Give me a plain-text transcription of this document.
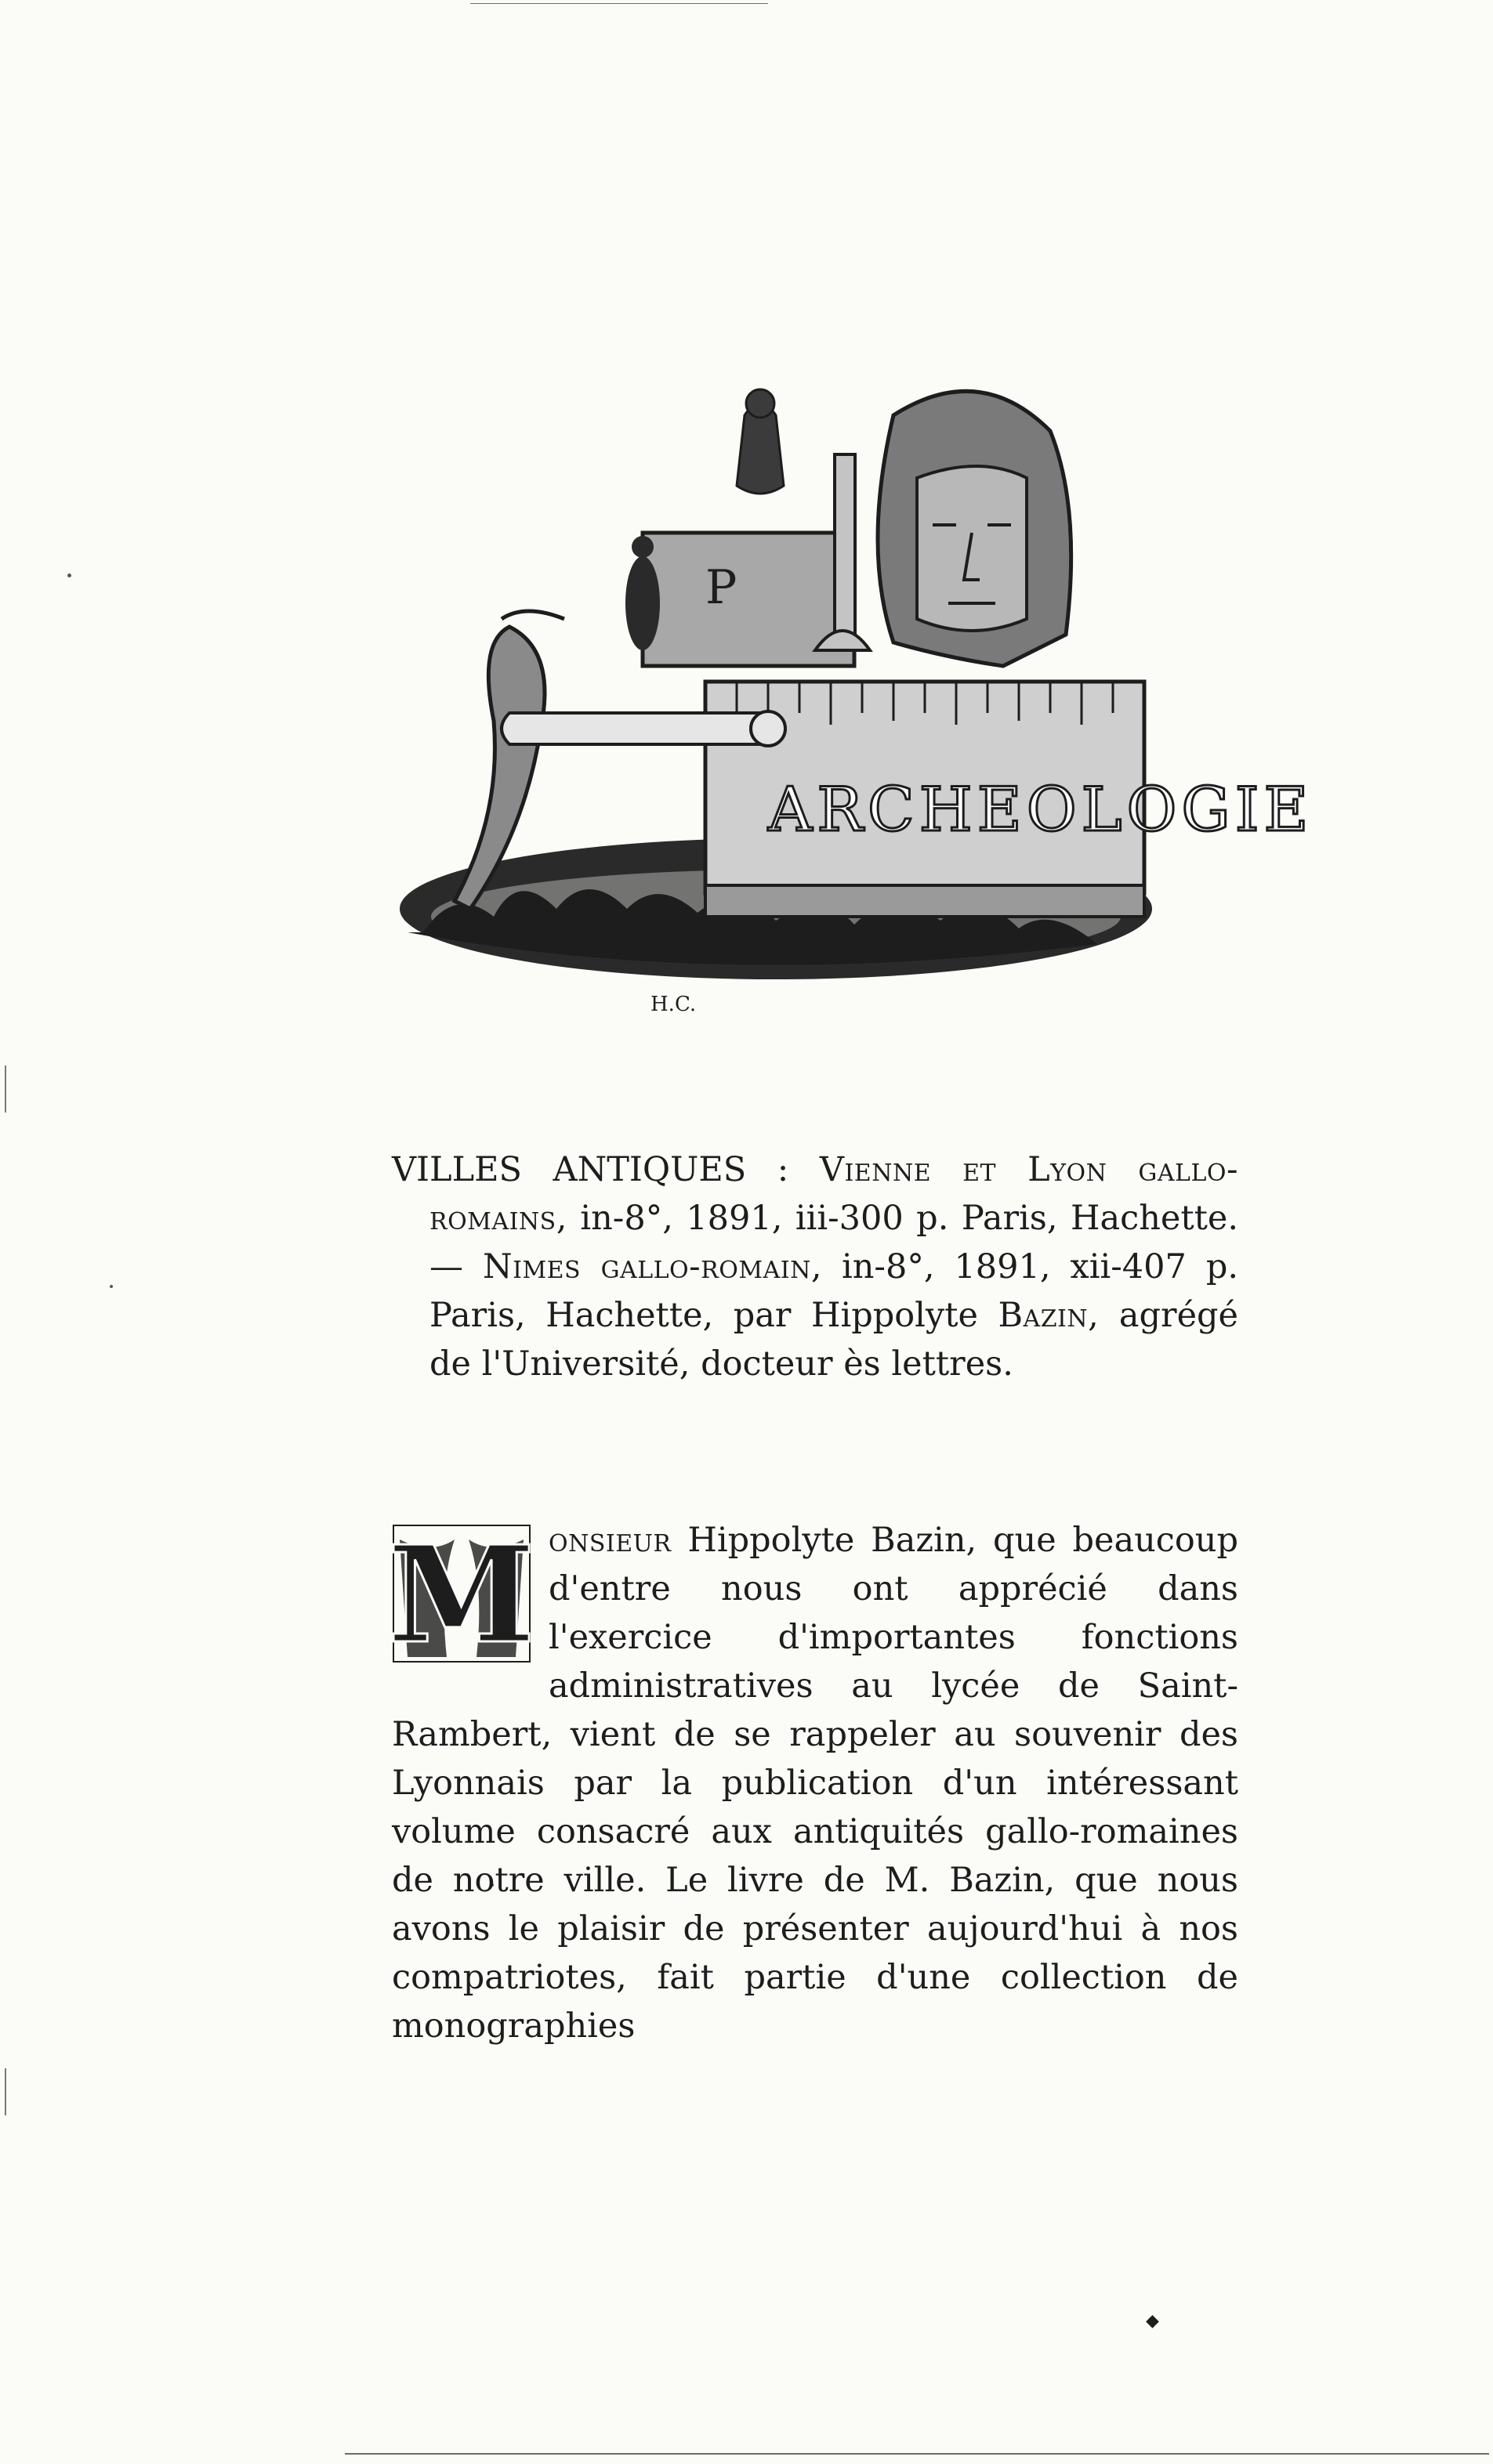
P
ARCHEOLOGIE
H.C.
VILLES ANTIQUES : Vienne et Lyon gallo-romains, in-8°, 1891, iii-300 p. Paris, Hachette. — Nimes gallo-romain, in-8°, 1891, xii-407 p. Paris, Hachette, par Hippolyte Bazin, agrégé de l'Université, docteur ès lettres.
M onsieur Hippolyte Bazin, que beaucoup d'entre nous ont apprécié dans l'exercice d'importantes fonctions administratives au lycée de Saint-Rambert, vient de se rappeler au souvenir des Lyonnais par la publication d'un intéressant volume consacré aux antiquités gallo-romaines de notre ville. Le livre de M. Bazin, que nous avons le plaisir de présenter aujourd'hui à nos compatriotes, fait partie d'une collection de monographies
◆
